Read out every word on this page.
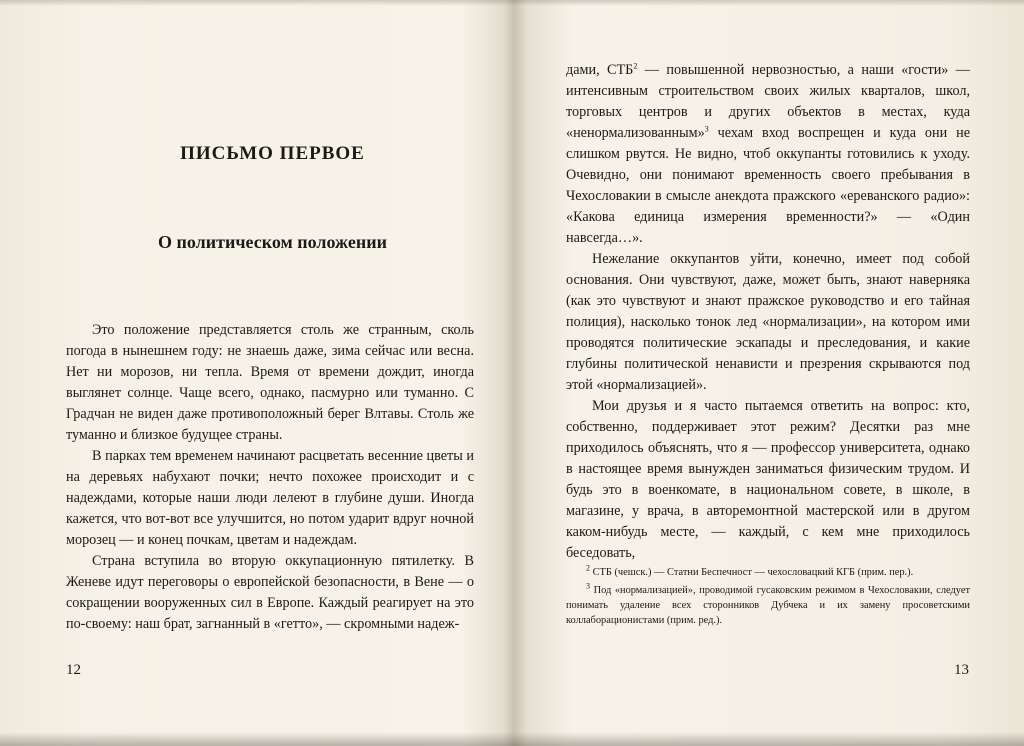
ПИСЬМО ПЕРВОЕ
О политическом положении

Это положение представляется столь же странным, сколь погода в нынешнем году: не знаешь даже, зима сейчас или весна. Нет ни морозов, ни тепла. Время от времени дождит, иногда выглянет солнце. Чаще всего, однако, пасмурно или туманно. С Градчан не виден даже противоположный берег Влтавы. Столь же туманно и близкое будущее страны.

В парках тем временем начинают расцветать весенние цветы и на деревьях набухают почки; нечто похожее происходит и с надеждами, которые наши люди лелеют в глубине души. Иногда кажется, что вот-вот все улучшится, но потом ударит вдруг ночной морозец — и конец почкам, цветам и надеждам.

Страна вступила во вторую оккупационную пятилетку. В Женеве идут переговоры о европейской безопасности, в Вене — о сокращении вооруженных сил в Европе. Каждый реагирует на это по-своему: наш брат, загнанный в «гетто», — скромными надеж-

12

дами, СТБ$^2$ — повышенной нервозностью, а наши «гости» — интенсивным строительством своих жилых кварталов, школ, торговых центров и других объектов в местах, куда «ненормализованным»$^3$ чехам вход воспрещен и куда они не слишком рвутся. Не видно, чтоб оккупанты готовились к уходу. Очевидно, они понимают временность своего пребывания в Чехословакии в смысле анекдота пражского «ереванского радио»: «Какова единица измерения временности?» — «Один навсегда…».

Нежелание оккупантов уйти, конечно, имеет под собой основания. Они чувствуют, даже, может быть, знают наверняка (как это чувствуют и знают пражское руководство и его тайная полиция), насколько тонок лед «нормализации», на котором ими проводятся политические эскапады и преследования, и какие глубины политической ненависти и презрения скрываются под этой «нормализацией».

Мои друзья и я часто пытаемся ответить на вопрос: кто, собственно, поддерживает этот режим? Десятки раз мне приходилось объяснять, что я — профессор университета, однако в настоящее время вынужден заниматься физическим трудом. И будь это в военкомате, в национальном совете, в школе, в магазине, у врача, в авторемонтной мастерской или в другом каком-нибудь месте, — каждый, с кем мне приходилось беседовать,

$^2$ СТБ (чешск.) — Статни Беспечност — чехословацкий КГБ (прим. пер.).

$^3$ Под «нормализацией», проводимой гусаковским режимом в Чехословакии, следует понимать удаление всех сторонников Дубчека и их замену просоветскими коллаборационистами (прим. ред.).

13
